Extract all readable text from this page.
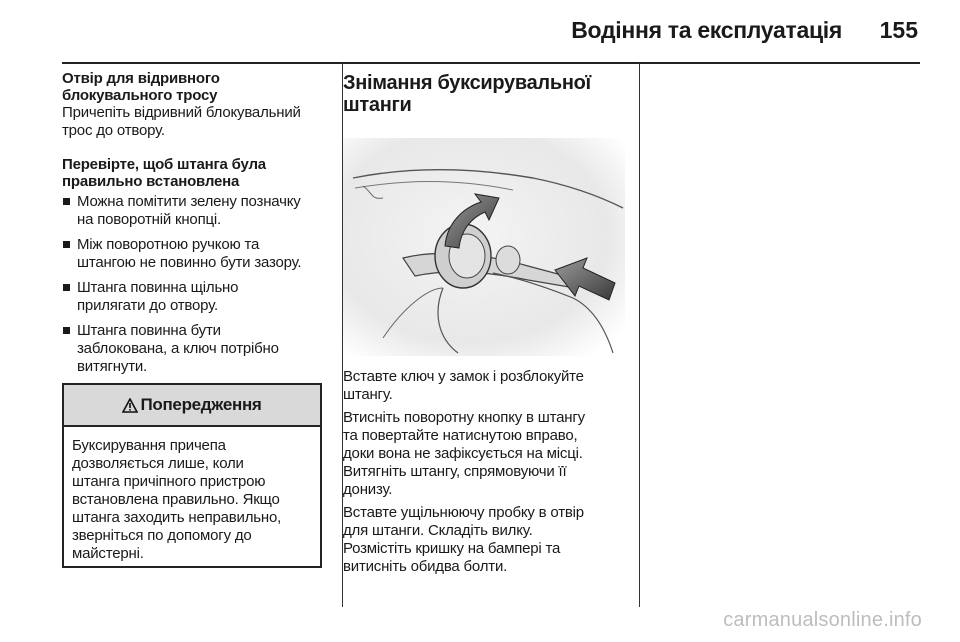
Водіння та експлуатація 155
Отвір для відривного
блокувального тросу
Причепіть відривний блокувальний
трос до отвору.
Перевірте, щоб штанга була
правильно встановлена
Можна помітити зелену позначку
на поворотній кнопці.
Між поворотною ручкою та
штангою не повинно бути зазору.
Штанга повинна щільно
прилягати до отвору.
Штанга повинна бути
заблокована, а ключ потрібно
витягнути.
Попередження
Буксирування причепа
дозволяється лише, коли
штанга причіпного пристрою
встановлена правильно. Якщо
штанга заходить неправильно,
зверніться по допомогу до
майстерні.
Знімання буксирувальної
штанги
Вставте ключ у замок і розблокуйте
штангу.
Втисніть поворотну кнопку в штангу
та повертайте натиснутою вправо,
доки вона не зафіксується на місці.
Витягніть штангу, спрямовуючи її
донизу.
Вставте ущільнюючу пробку в отвір
для штанги. Складіть вилку.
Розмістіть кришку на бампері та
витисніть обидва болти.
carmanualsonline.info
